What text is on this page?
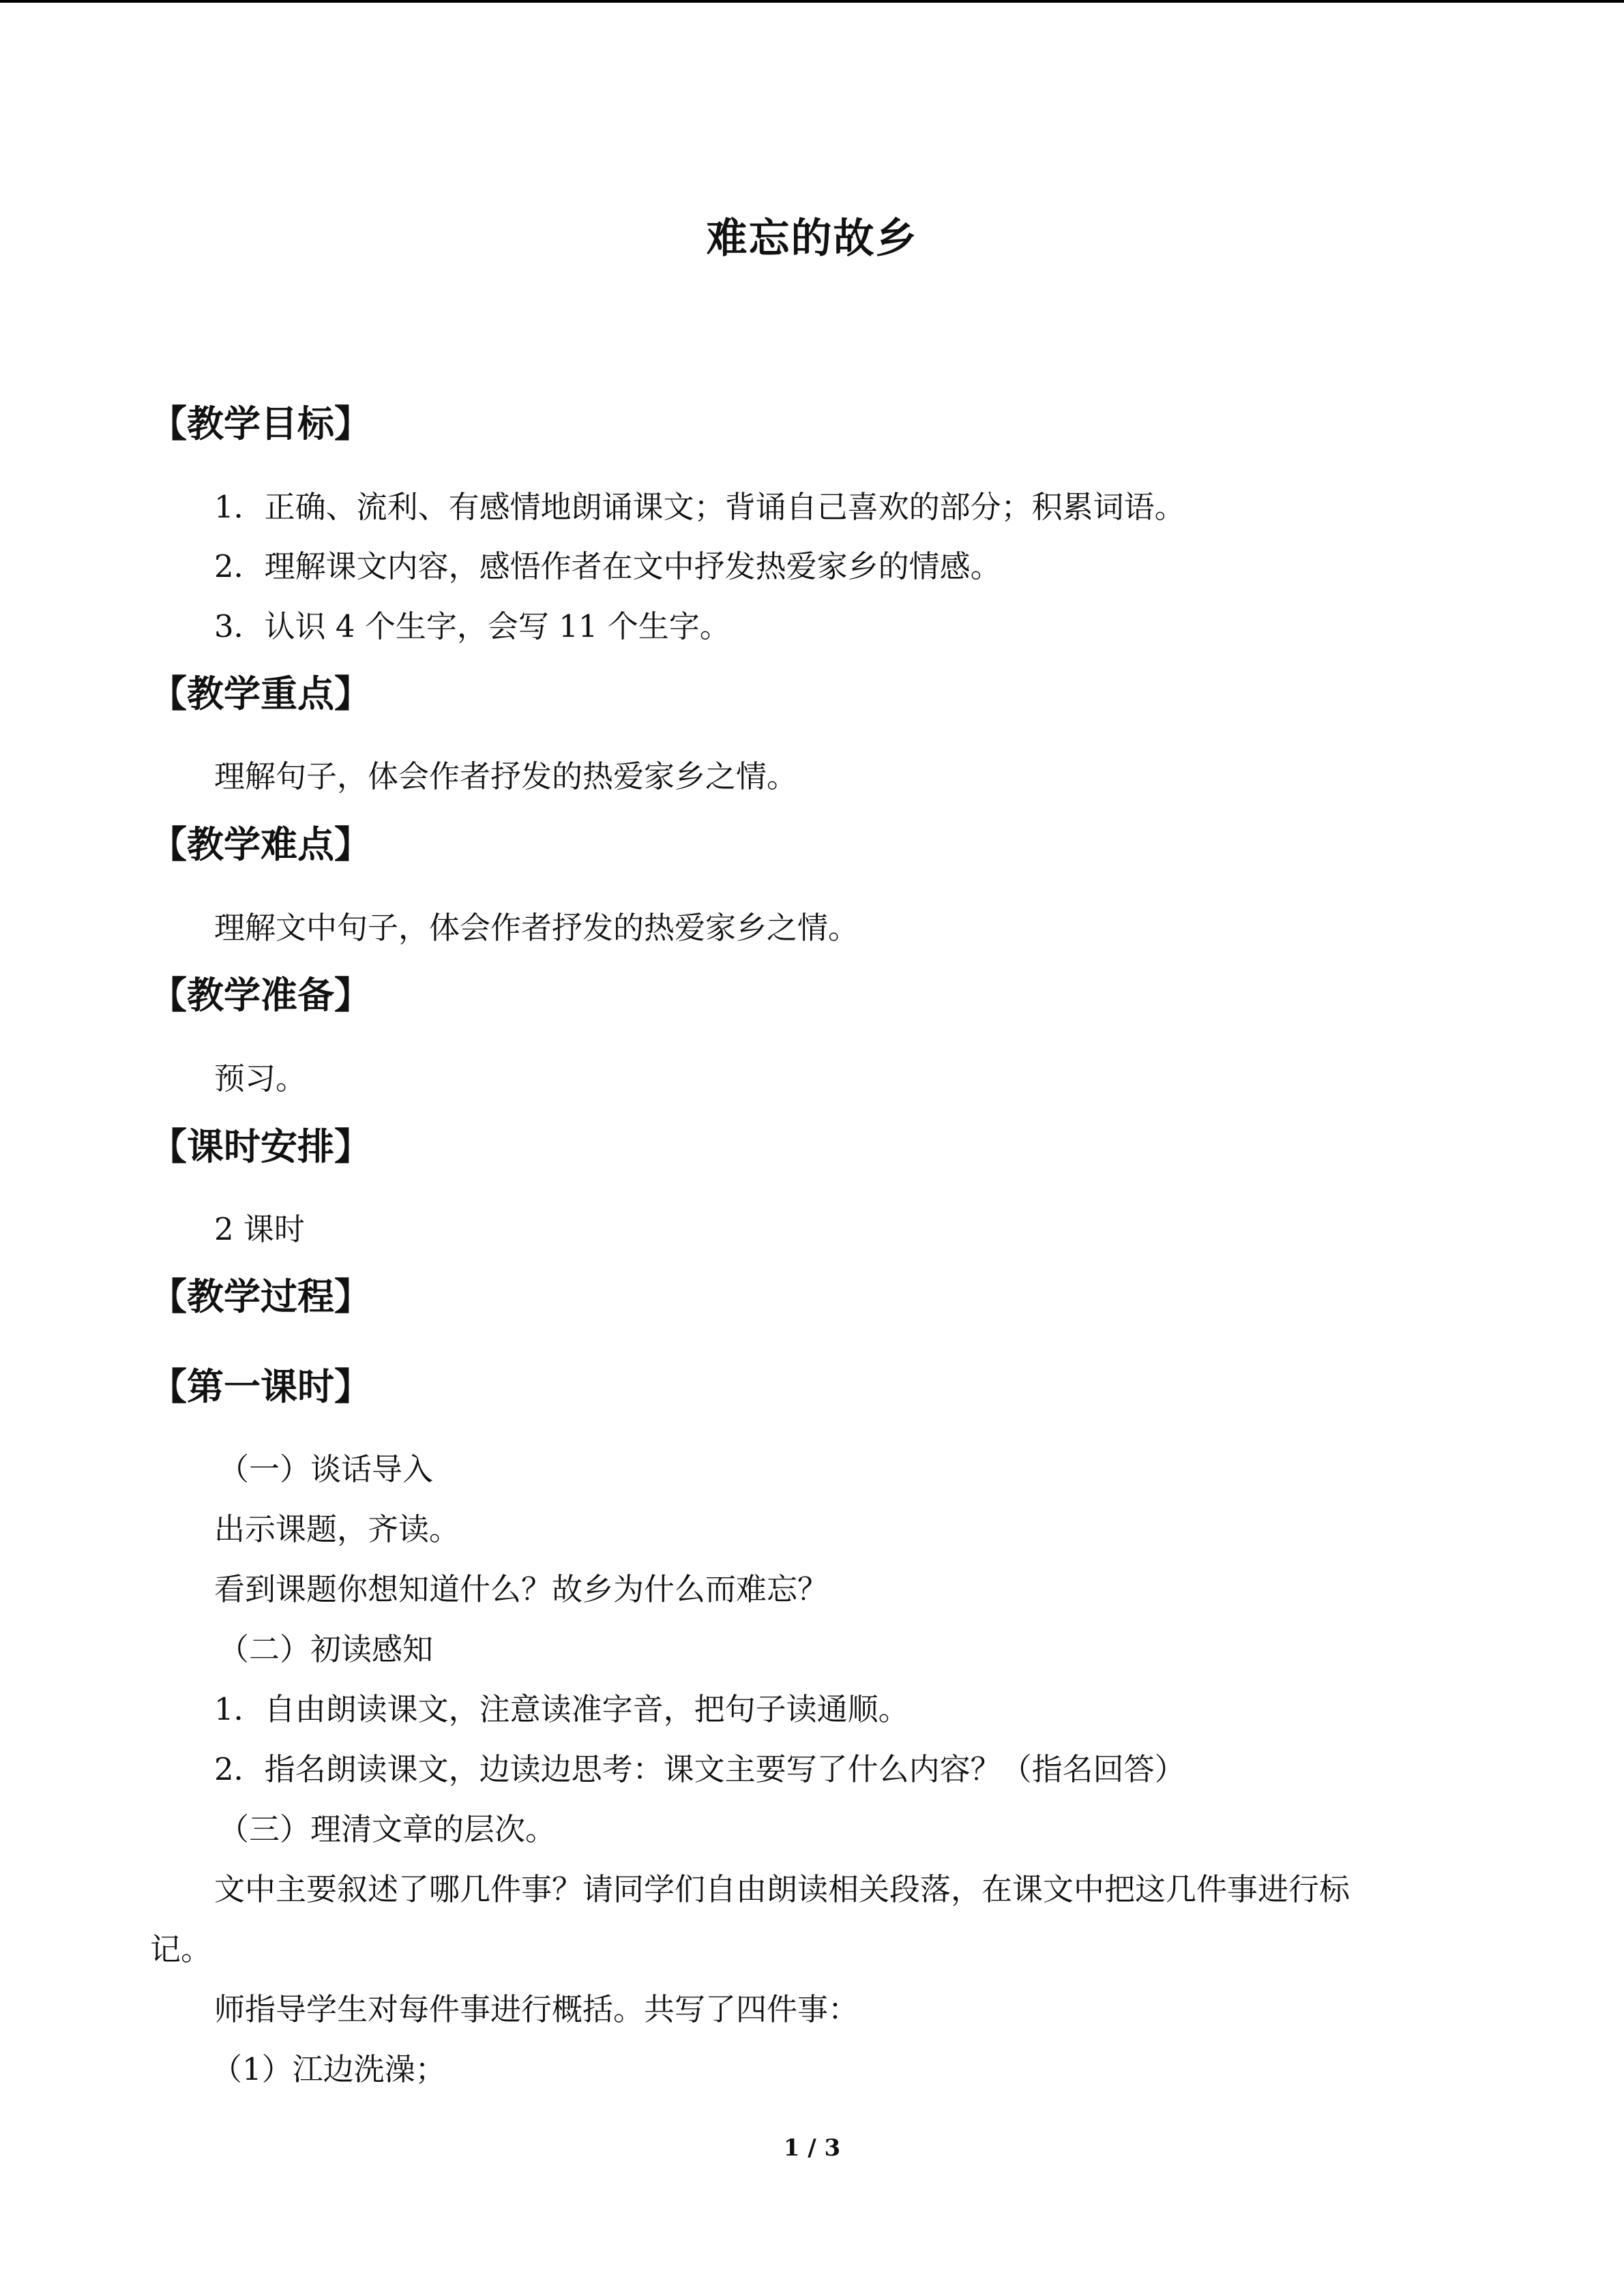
难忘的故乡
【教学目标】
1．正确、流利、有感情地朗诵课文；背诵自己喜欢的部分；积累词语。
2．理解课文内容，感悟作者在文中抒发热爱家乡的情感。
3．认识 4 个生字，会写 11 个生字。
【教学重点】
理解句子，体会作者抒发的热爱家乡之情。
【教学难点】
理解文中句子，体会作者抒发的热爱家乡之情。
【教学准备】
预习。
【课时安排】
2 课时
【教学过程】
【第一课时】
（一）谈话导入
出示课题，齐读。
看到课题你想知道什么？故乡为什么而难忘？
（二）初读感知
1．自由朗读课文，注意读准字音，把句子读通顺。
2．指名朗读课文，边读边思考：课文主要写了什么内容？（指名回答）
（三）理清文章的层次。
文中主要叙述了哪几件事？请同学们自由朗读相关段落，在课文中把这几件事进行标
记。
师指导学生对每件事进行概括。共写了四件事：
（1）江边洗澡；
1 / 3
